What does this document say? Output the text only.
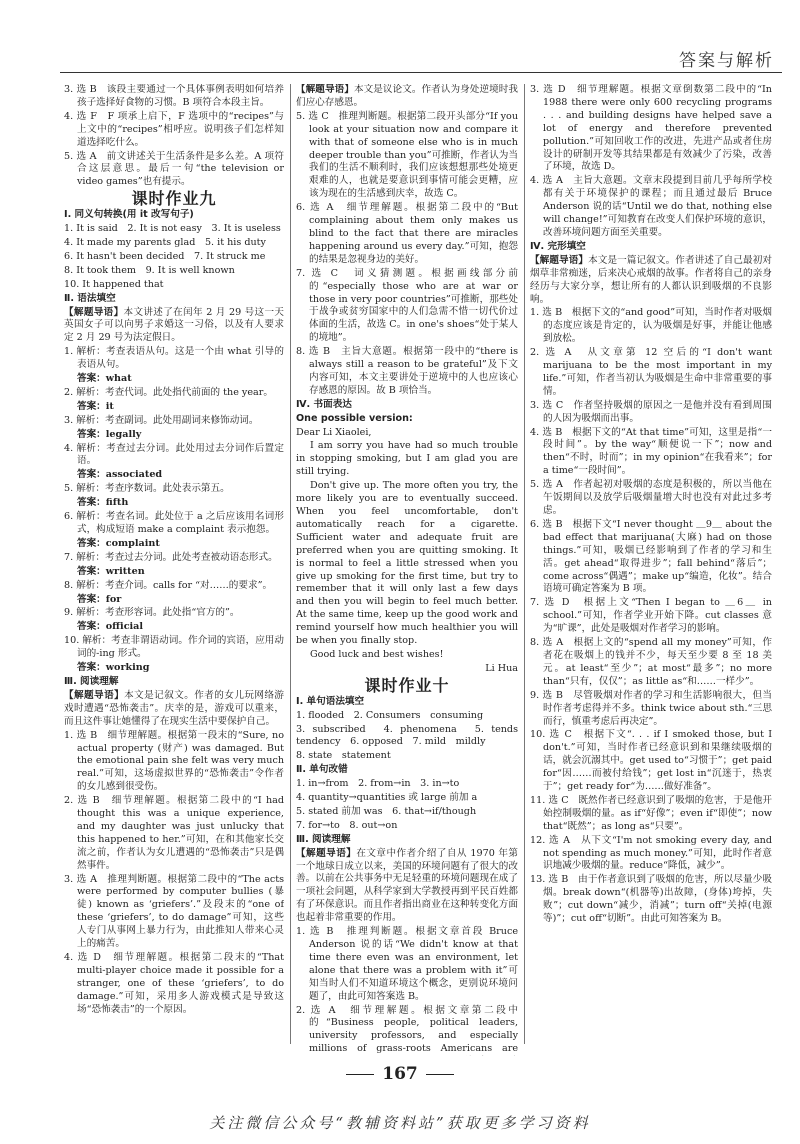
答案与解析
3. 选 B　该段主要通过一个具体事例表明如何培养孩子选择好食物的习惯。B 项符合本段主旨。
4. 选 F　F 项承上启下，F 选项中的“recipes”与上文中的“recipes”相呼应。说明孩子们怎样知道选择吃什么。
5. 选 A　前文讲述关于生活条件是多么差。A 项符合这层意思。最后一句“the television or video games”也有提示。
课时作业九
Ⅰ. 同义句转换(用 it 改写句子)
1. It is said　2. It is not easy　3. It is useless
4. It made my parents glad　5. it his duty
6. It hasn't been decided　7. It struck me
8. It took them　9. It is well known
10. It happened that
Ⅱ. 语法填空
【解题导语】本文讲述了在闰年 2 月 29 号这一天英国女子可以向男子求婚这一习俗，以及有人要求定 2 月 29 号为法定假日。
1. 解析：考查表语从句。这是一个由 what 引导的表语从句。
答案：what
2. 解析：考查代词。此处指代前面的 the year。
答案：it
3. 解析：考查副词。此处用副词来修饰动词。
答案：legally
4. 解析：考查过去分词。此处用过去分词作后置定语。
答案：associated
5. 解析：考查序数词。此处表示第五。
答案：fifth
6. 解析：考查名词。此处位于 a 之后应该用名词形式，构成短语 make a complaint 表示抱怨。
答案：complaint
7. 解析：考查过去分词。此处考查被动语态形式。
答案：written
8. 解析：考查介词。calls for “对……的要求”。
答案：for
9. 解析：考查形容词。此处指“官方的”。
答案：official
10. 解析：考查非谓语动词。作介词的宾语，应用动词的-ing 形式。
答案：working
Ⅲ. 阅读理解
【解题导语】本文是记叙文。作者的女儿玩网络游戏时遭遇“恐怖袭击”。庆幸的是，游戏可以重来，而且这件事让她懂得了在现实生活中要保护自己。
1. 选 B　细节理解题。根据第一段末的“Sure, no actual property (财产) was damaged. But the emotional pain she felt was very much real.”可知，这场虚拟世界的“恐怖袭击”令作者的女儿感到很受伤。
2. 选 B　细节理解题。根据第二段中的“I had thought this was a unique experience, and my daughter was just unlucky that this happened to her.”可知，在和其他家长交流之前，作者认为女儿遭遇的“恐怖袭击”只是偶然事件。
3. 选 A　推理判断题。根据第二段中的“The acts were performed by computer bullies (暴徒) known as ‘griefers’.”及段末的“one of these ‘griefers’, to do damage”可知，这些人专门从事网上暴力行为，由此推知人带来心灵上的痛苦。
4. 选 D　细节理解题。根据第二段末的“That multi-player choice made it possible for a stranger, one of these ‘griefers’, to do damage.”可知，采用多人游戏模式是导致这场“恐怖袭击”的一个原因。
【解题导语】本文是议论文。作者认为身处逆境时我们应心存感恩。
5. 选 C　推理判断题。根据第二段开头部分“If you look at your situation now and compare it with that of someone else who is in much deeper trouble than you”可推断，作者认为当我们的生活不顺利时，我们应该想想那些处境更艰难的人，也就是要意识到事情可能会更糟，应该为现在的生活感到庆幸，故选 C。
6. 选 A　细节理解题。根据第二段中的“But complaining about them only makes us blind to the fact that there are miracles happening around us every day.”可知，抱怨的结果是忽视身边的美好。
7. 选 C　词义猜测题。根据画线部分前的“especially those who are at war or those in very poor countries”可推断，那些处于战争或贫穷国家中的人们急需不惜一切代价过体面的生活，故选 C。in one's shoes“处于某人的境地”。
8. 选 B　主旨大意题。根据第一段中的“there is always still a reason to be grateful”及下文内容可知，本文主要讲处于逆境中的人也应该心存感恩的原因。故 B 项恰当。
Ⅳ. 书面表达
One possible version:
Dear Li Xiaolei,
I am sorry you have had so much trouble in stopping smoking, but I am glad you are still trying.
Don't give up. The more often you try, the more likely you are to eventually succeed. When you feel uncomfortable, don't automatically reach for a cigarette. Sufficient water and adequate fruit are preferred when you are quitting smoking. It is normal to feel a little stressed when you give up smoking for the first time, but try to remember that it will only last a few days and then you will begin to feel much better. At the same time, keep up the good work and remind yourself how much healthier you will be when you finally stop.
Good luck and best wishes!
Li Hua
课时作业十
Ⅰ. 单句语法填空
1. flooded　2. Consumers　consuming
3. subscribed　4. phenomena　5. tends　tendency　6. opposed　7. mild　mildly
8. state　statement
Ⅱ. 单句改错
1. in→from　2. from→in　3. in→to
4. quantity→quantities 或 large 前加 a
5. stated 前加 was　6. that→if/though
7. for→to　8. out→on
Ⅲ. 阅读理解
【解题导语】在文章中作者介绍了自从 1970 年第一个地球日成立以来，美国的环境问题有了很大的改善。以前在公共事务中无足轻重的环境问题现在成了一项社会问题，从科学家到大学教授再到平民百姓都有了环保意识。而且作者指出商业在这种转变化方面也起着非常重要的作用。
1. 选 B　推理判断题。根据文章首段 Bruce Anderson 说的话“We didn't know at that time there even was an environment, let alone that there was a problem with it”可知当时人们不知道环境这个概念，更别说环境问题了，由此可知答案选 B。
2. 选 A　细节理解题。根据文章第二段中的“Business people, political leaders, university professors, and especially millions of grass-roots Americans are
3. 选 D　细节理解题。根据文章倒数第二段中的“In 1988 there were only 600 recycling programs . . . and building designs have helped save a lot of energy and therefore prevented pollution.”可知回收工作的改进，先进产品或者住房设计的研制开发等其结果都是有效减少了污染，改善了环境，故选 D。
4. 选 A　主旨大意题。文章末段提到目前几乎每所学校都有关于环境保护的课程；而且通过最后 Bruce Anderson 说的话“Until we do that, nothing else will change!”可知教育在改变人们保护环境的意识，改善环境问题方面至关重要。
Ⅳ. 完形填空
【解题导语】本文是一篇记叙文。作者讲述了自己最初对烟草非常痴迷，后来决心戒烟的故事。作者将自己的亲身经历与大家分享，想让所有的人都认识到吸烟的不良影响。
1. 选 B　根据下文的“and good”可知，当时作者对吸烟的态度应该是肯定的，认为吸烟是好事，并能让他感到放松。
2. 选 A　从文章第 12 空后的“I don't want marijuana to be the most important in my life.”可知，作者当初认为吸烟是生命中非常重要的事情。
3. 选 C　作者坚持吸烟的原因之一是他并没有看到周围的人因为吸烟而出事。
4. 选 B　根据下文的“At that time”可知，这里是指“一段时间”。by the way“顺便说一下”；now and then“不时，时而”；in my opinion“在我看来”；for a time“一段时间”。
5. 选 A　作者起初对吸烟的态度是积极的，所以当他在午饭期间以及放学后吸烟量增大时也没有对此过多考虑。
6. 选 B　根据下文“I never thought ＿9＿ about the bad effect that marijuana(大麻) had on those things.”可知，吸烟已经影响到了作者的学习和生活。get ahead“取得进步”；fall behind“落后”；come across“偶遇”；make up“编造，化妆”。结合语境可确定答案为 B 项。
7. 选 D　根据上文“Then I began to ＿6＿ in school.”可知，作者学业开始下降。cut classes 意为“旷课”，此处是吸烟对作者学习的影响。
8. 选 A　根据上文的“spend all my money”可知，作者花在吸烟上的钱并不少，每天至少要 8 至 18 美元。at least“至少”；at most“最多”；no more than“只有，仅仅”；as little as“和……一样少”。
9. 选 B　尽管吸烟对作者的学习和生活影响很大，但当时作者考虑得并不多。think twice about sth.“三思而行，慎重考虑后再决定”。
10. 选 C　根据下文“. . . if I smoked those, but I don't.”可知，当时作者已经意识到和果继续吸烟的话，就会沉溺其中。get used to“习惯于”；get paid for“因……而被付给钱”；get lost in“沉迷于，热衷于”；get ready for“为……做好准备”。
11. 选 C　既然作者已经意识到了吸烟的危害，于是他开始控制吸烟的量。as if“好像”；even if“即使”；now that“既然”；as long as“只要”。
12. 选 A　从下文“I'm not smoking every day, and not spending as much money.”可知，此时作者意识地减少吸烟的量。reduce“降低，减少”。
13. 选 B　由于作者意识到了吸烟的危害，所以尽量少吸烟。break down“(机器等)出故障，(身体)垮掉，失败”；cut down“减少，消减”；turn off“关掉(电源等)”；cut off“切断”。由此可知答案为 B。
167
关注微信公众号“教辅资料站”获取更多学习资料
